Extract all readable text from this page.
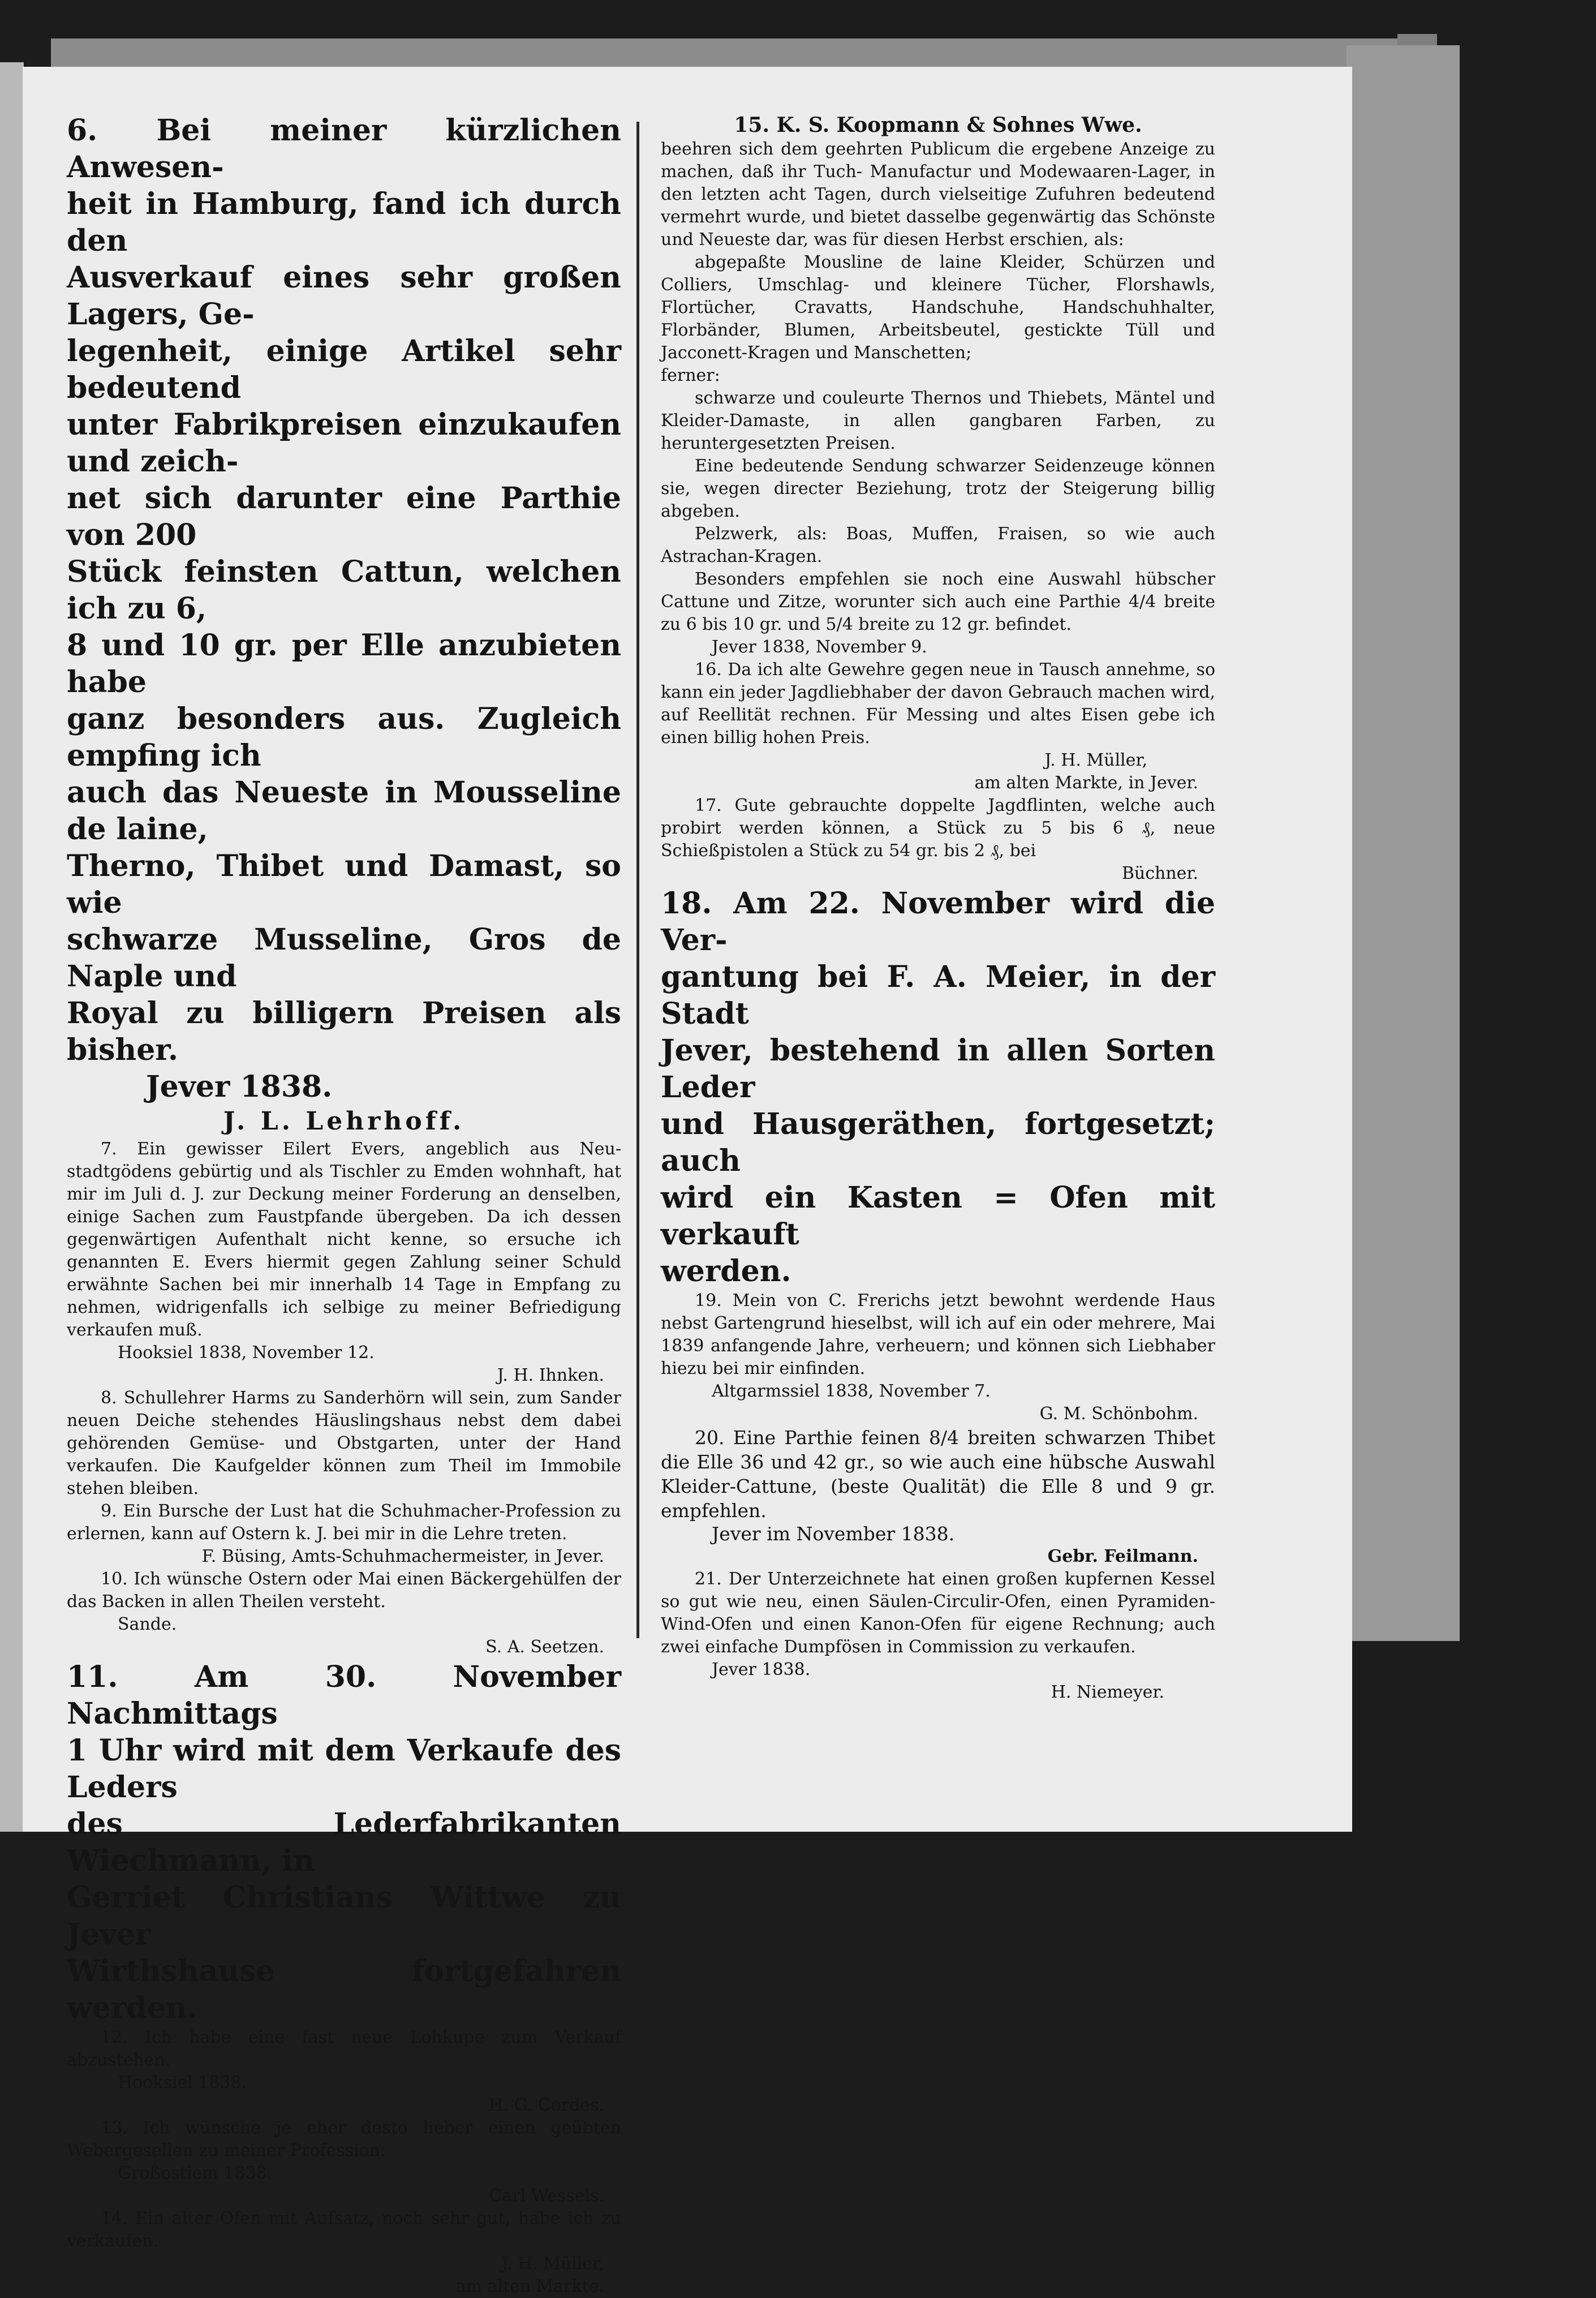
6. Bei meiner kürzlichen Anwesen-

heit in Hamburg, fand ich durch den

Ausverkauf eines sehr großen Lagers, Ge-

legenheit, einige Artikel sehr bedeutend

unter Fabrikpreisen einzukaufen und zeich-

net sich darunter eine Parthie von 200

Stück feinsten Cattun, welchen ich zu 6,

8 und 10 gr. per Elle anzubieten habe

ganz besonders aus. Zugleich empfing ich

auch das Neueste in Mousseline de laine,

Therno, Thibet und Damast, so wie

schwarze Musseline, Gros de Naple und

Royal zu billigern Preisen als bisher.

Jever 1838.

J. L. Lehrhoff.

7. Ein gewisser Eilert Evers, angeblich aus Neu-stadtgödens gebürtig und als Tischler zu Emden wohnhaft, hat mir im Juli d. J. zur Deckung meiner Forderung an denselben, einige Sachen zum Faustpfande übergeben. Da ich dessen gegenwärtigen Aufenthalt nicht kenne, so ersuche ich genannten E. Evers hiermit gegen Zahlung seiner Schuld erwähnte Sachen bei mir innerhalb 14 Tage in Empfang zu nehmen, widrigenfalls ich selbige zu meiner Befriedigung verkaufen muß.

Hooksiel 1838, November 12.

J. H. Ihnken.

8. Schullehrer Harms zu Sanderhörn will sein, zum Sander neuen Deiche stehendes Häuslingshaus nebst dem dabei gehörenden Gemüse- und Obstgarten, unter der Hand verkaufen. Die Kaufgelder können zum Theil im Immobile stehen bleiben.

9. Ein Bursche der Lust hat die Schuhmacher-Profession zu erlernen, kann auf Ostern k. J. bei mir in die Lehre treten.

F. Büsing, Amts-Schuhmachermeister, in Jever.

10. Ich wünsche Ostern oder Mai einen Bäckergehülfen der das Backen in allen Theilen versteht.

Sande.

S. A. Seetzen.

11. Am 30. November Nachmittags

1 Uhr wird mit dem Verkaufe des Leders

des Lederfabrikanten Wiechmann, in

Gerriet Christians Wittwe zu Jever

Wirthshause fortgefahren werden.

12. Ich habe eine fast neue Lohkupe zum Verkauf abzustehen.

Hooksiel 1838.

H. G. Cordes.

13. Ich wünsche je eher desto lieber einen geübten Webergesellen zu meiner Profession.

Großostiem 1838.

Carl Wessels.

14. Ein alter Ofen mit Aufsatz, noch sehr gut, habe ich zu verkaufen.

J. H. Müller,

am alten Markte.

15. K. S. Koopmann & Sohnes Wwe.

beehren sich dem geehrten Publicum die ergebene Anzeige zu machen, daß ihr Tuch- Manufactur und Modewaaren-Lager, in den letzten acht Tagen, durch vielseitige Zufuhren bedeutend vermehrt wurde, und bietet dasselbe gegenwärtig das Schönste und Neueste dar, was für diesen Herbst erschien, als:

abgepaßte Mousline de laine Kleider, Schürzen und Colliers, Umschlag- und kleinere Tücher, Florshawls, Flortücher, Cravatts, Handschuhe, Handschuhhalter, Florbänder, Blumen, Arbeitsbeutel, gestickte Tüll und Jacconett-Kragen und Manschetten;

ferner:

schwarze und couleurte Thernos und Thiebets, Mäntel und Kleider-Damaste, in allen gangbaren Farben, zu heruntergesetzten Preisen.

Eine bedeutende Sendung schwarzer Seidenzeuge können sie, wegen directer Beziehung, trotz der Steigerung billig abgeben.

Pelzwerk, als: Boas, Muffen, Fraisen, so wie auch Astrachan-Kragen.

Besonders empfehlen sie noch eine Auswahl hübscher Cattune und Zitze, worunter sich auch eine Parthie 4/4 breite zu 6 bis 10 gr. und 5/4 breite zu 12 gr. befindet.

Jever 1838, November 9.

16. Da ich alte Gewehre gegen neue in Tausch annehme, so kann ein jeder Jagdliebhaber der davon Gebrauch machen wird, auf Reellität rechnen. Für Messing und altes Eisen gebe ich einen billig hohen Preis.

J. H. Müller,

am alten Markte, in Jever.

17. Gute gebrauchte doppelte Jagdflinten, welche auch probirt werden können, a Stück zu 5 bis 6 ₰, neue Schießpistolen a Stück zu 54 gr. bis 2 ₰, bei

Büchner.

18. Am 22. November wird die Ver-

gantung bei F. A. Meier, in der Stadt

Jever, bestehend in allen Sorten Leder

und Hausgeräthen, fortgesetzt; auch

wird ein Kasten = Ofen mit verkauft

werden.

19. Mein von C. Frerichs jetzt bewohnt werdende Haus nebst Gartengrund hieselbst, will ich auf ein oder mehrere, Mai 1839 anfangende Jahre, verheuern; und können sich Liebhaber hiezu bei mir einfinden.

Altgarmssiel 1838, November 7.

G. M. Schönbohm.

20. Eine Parthie feinen 8/4 breiten schwarzen Thibet die Elle 36 und 42 gr., so wie auch eine hübsche Auswahl Kleider-Cattune, (beste Qualität) die Elle 8 und 9 gr. empfehlen.

Jever im November 1838.

Gebr. Feilmann.

21. Der Unterzeichnete hat einen großen kupfernen Kessel so gut wie neu, einen Säulen-Circulir-Ofen, einen Pyramiden-Wind-Ofen und einen Kanon-Ofen für eigene Rechnung; auch zwei einfache Dumpfösen in Commission zu verkaufen.

Jever 1838.

H. Niemeyer.
